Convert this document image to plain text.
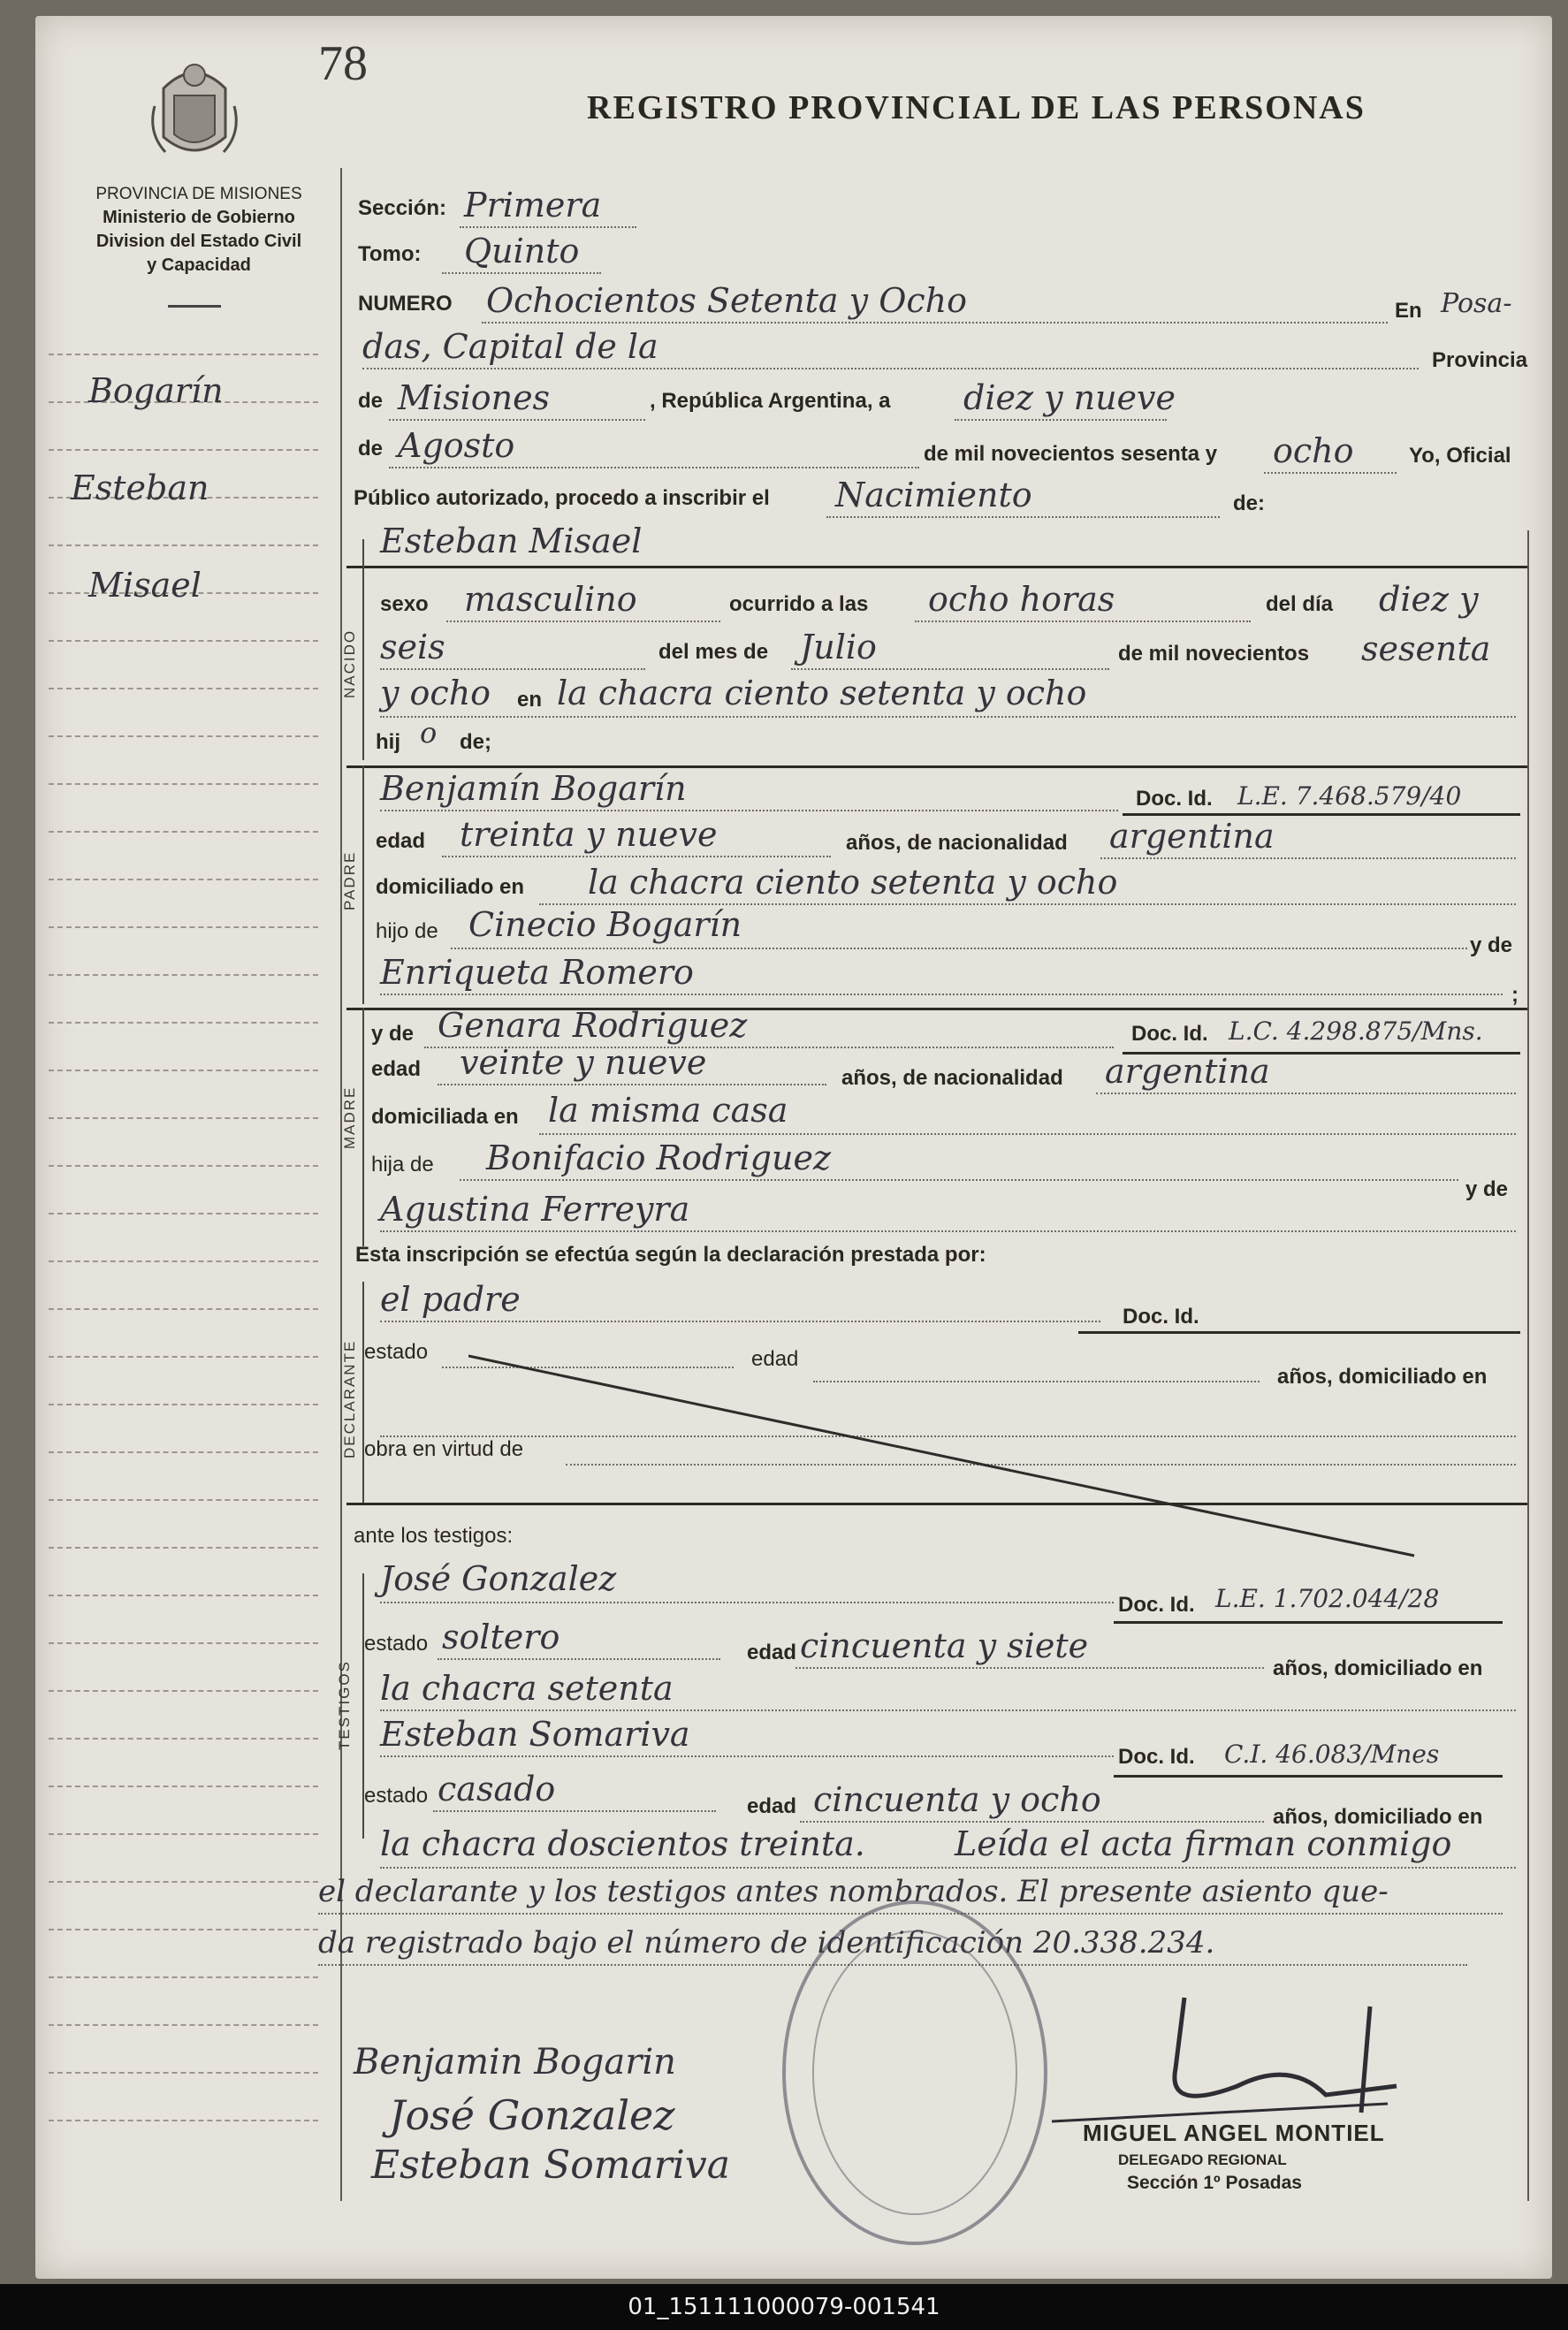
78
REGISTRO PROVINCIAL DE LAS PERSONAS
PROVINCIA DE MISIONES
Ministerio de Gobierno
Division del Estado Civil
y Capacidad
Bogarín
Esteban
Misael
Sección: Primera
Tomo: Quinto
NUMERO Ochocientos Setenta y Ocho	En Posa-
das, Capital de la	Provincia
de Misiones	, República Argentina, a diez y nueve
de Agosto	de mil novecientos sesenta y ocho	Yo, Oficial
Público autorizado, procedo a inscribir el Nacimiento	de:
Esteban Misael
NACIDO
sexo masculino	ocurrido a las ocho horas	del día diez y
seis	del mes de Julio	de mil novecientos sesenta
y ocho en la chacra ciento setenta y ocho
hij o de;
PADRE
Benjamín Bogarín	Doc. Id. L.E. 7.468.579/40
edad treinta y nueve	años, de nacionalidad argentina
domiciliado en la chacra ciento setenta y ocho
hijo de Cinecio Bogarín
y de
Enriqueta Romero
;
MADRE
y de Genara Rodriguez	Doc. Id. L.C. 4.298.875/Mns.
edad veinte y nueve	años, de nacionalidad argentina
domiciliada en la misma casa
hija de Bonifacio Rodriguez
y de
Agustina Ferreyra
Esta inscripción se efectúa según la declaración prestada por:
DECLARANTE
el padre	Doc. Id.
estado	edad
años, domiciliado en
obra en virtud de
ante los testigos:
TESTIGOS
José Gonzalez
Doc. Id. L.E. 1.702.044/28
estado soltero	edad cincuenta y siete
años, domiciliado en
la chacra setenta
Esteban Somariva
Doc. Id. C.I. 46.083/Mnes
estado casado	edad cincuenta y ocho	años, domiciliado en
la chacra doscientos treinta.	Leída el acta firman conmigo
el declarante y los testigos antes nombrados. El presente asiento que-
da registrado bajo el número de identificación 20.338.234.
Benjamin Bogarin
José Gonzalez
Esteban Somariva
MIGUEL ANGEL MONTIEL
DELEGADO REGIONAL
Sección 1º Posadas
01_151111000079-001541
